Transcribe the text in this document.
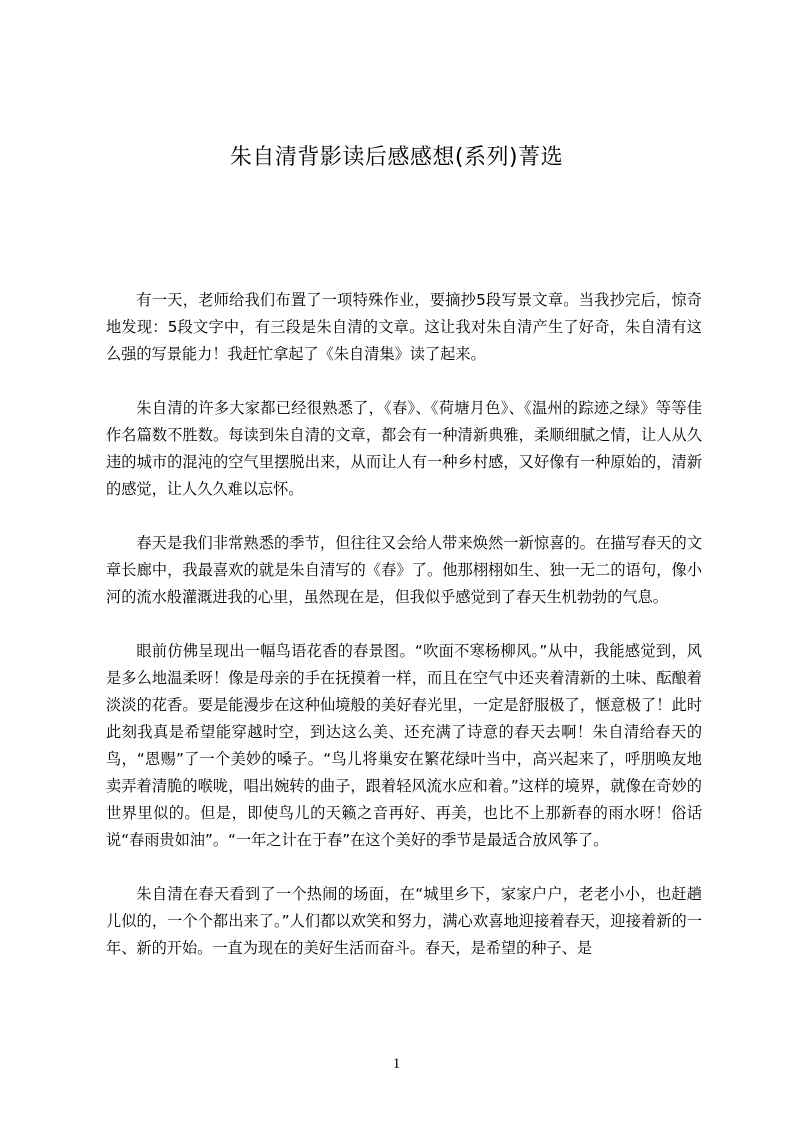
朱自清背影读后感感想(系列)菁选

有一天，老师给我们布置了一项特殊作业，要摘抄5段写景文章。当我抄完后，惊奇地发现：5段文字中，有三段是朱自清的文章。这让我对朱自清产生了好奇，朱自清有这么强的写景能力！我赶忙拿起了《朱自清集》读了起来。

朱自清的许多大家都已经很熟悉了，《春》、《荷塘月色》、《温州的踪迹之绿》等等佳作名篇数不胜数。每读到朱自清的文章，都会有一种清新典雅，柔顺细腻之情，让人从久违的城市的混沌的空气里摆脱出来，从而让人有一种乡村感，又好像有一种原始的，清新的感觉，让人久久难以忘怀。

春天是我们非常熟悉的季节，但往往又会给人带来焕然一新惊喜的。在描写春天的文章长廊中，我最喜欢的就是朱自清写的《春》了。他那栩栩如生、独一无二的语句，像小河的流水般灌溉进我的心里，虽然现在是，但我似乎感觉到了春天生机勃勃的气息。

眼前仿佛呈现出一幅鸟语花香的春景图。“吹面不寒杨柳风。”从中，我能感觉到，风是多么地温柔呀！像是母亲的手在抚摸着一样，而且在空气中还夹着清新的土味、酝酿着淡淡的花香。要是能漫步在这种仙境般的美好春光里，一定是舒服极了，惬意极了！此时此刻我真是希望能穿越时空，到达这么美、还充满了诗意的春天去啊！朱自清给春天的鸟，“恩赐”了一个美妙的嗓子。“鸟儿将巢安在繁花绿叶当中，高兴起来了，呼朋唤友地卖弄着清脆的喉咙，唱出婉转的曲子，跟着轻风流水应和着。”这样的境界，就像在奇妙的世界里似的。但是，即使鸟儿的天籁之音再好、再美，也比不上那新春的雨水呀！俗话说“春雨贵如油”。“一年之计在于春”在这个美好的季节是最适合放风筝了。

朱自清在春天看到了一个热闹的场面，在“城里乡下，家家户户，老老小小，也赶趟儿似的，一个个都出来了。”人们都以欢笑和努力，满心欢喜地迎接着春天，迎接着新的一年、新的开始。一直为现在的美好生活而奋斗。春天，是希望的种子、是

1
